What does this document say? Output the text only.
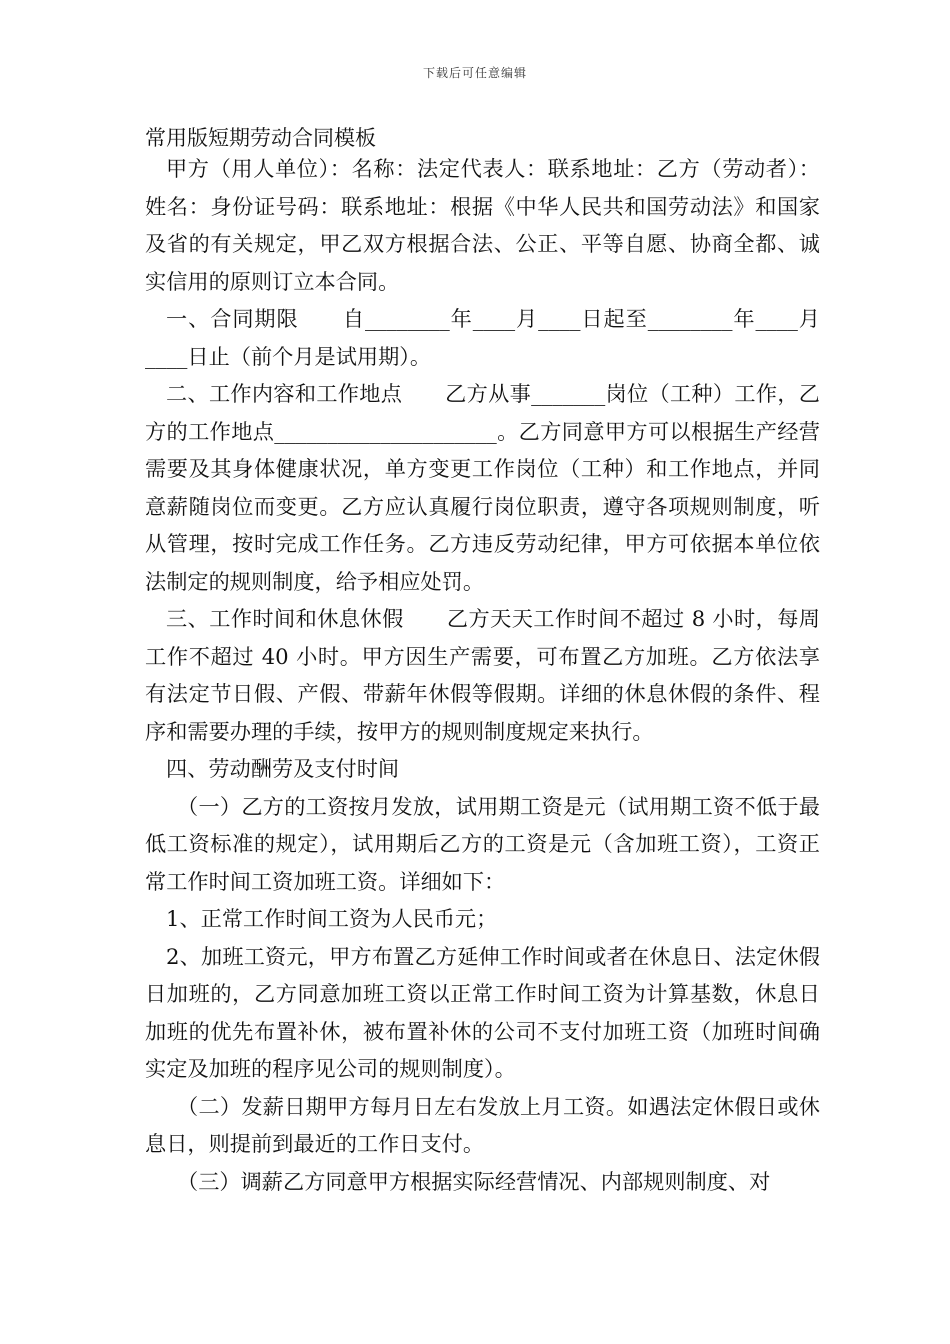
下载后可任意编辑
常用版短期劳动合同模板

甲方（用人单位）：名称：法定代表人：联系地址：乙方（劳动者）：姓名：身份证号码：联系地址：根据《中华人民共和国劳动法》和国家及省的有关规定，甲乙双方根据合法、公正、平等自愿、协商全都、诚实信用的原则订立本合同。

一、合同期限　　自________年____月____日起至________年____月____日止（前个月是试用期）。

二、工作内容和工作地点　　乙方从事_______岗位（工种）工作，乙方的工作地点_____________________。乙方同意甲方可以根据生产经营需要及其身体健康状况，单方变更工作岗位（工种）和工作地点，并同意薪随岗位而变更。乙方应认真履行岗位职责，遵守各项规则制度，听从管理，按时完成工作任务。乙方违反劳动纪律，甲方可依据本单位依法制定的规则制度，给予相应处罚。

三、工作时间和休息休假　　乙方天天工作时间不超过 8 小时，每周工作不超过 40 小时。甲方因生产需要，可布置乙方加班。乙方依法享有法定节日假、产假、带薪年休假等假期。详细的休息休假的条件、程序和需要办理的手续，按甲方的规则制度规定来执行。

四、劳动酬劳及支付时间

（一）乙方的工资按月发放，试用期工资是元（试用期工资不低于最低工资标准的规定），试用期后乙方的工资是元（含加班工资），工资正常工作时间工资加班工资。详细如下：

1、正常工作时间工资为人民币元；

2、加班工资元，甲方布置乙方延伸工作时间或者在休息日、法定休假日加班的，乙方同意加班工资以正常工作时间工资为计算基数，休息日加班的优先布置补休，被布置补休的公司不支付加班工资（加班时间确实定及加班的程序见公司的规则制度）。

（二）发薪日期甲方每月日左右发放上月工资。如遇法定休假日或休息日，则提前到最近的工作日支付。

（三）调薪乙方同意甲方根据实际经营情况、内部规则制度、对
